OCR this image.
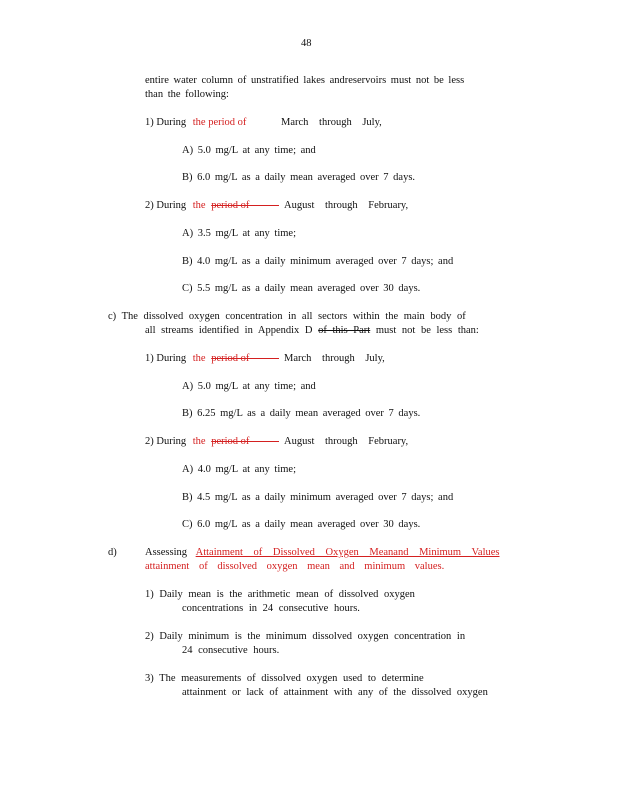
48
entire water column of unstratified lakes andreservoirs must not be less
than the following:
1) During the period of	March through July,
A) 5.0 mg/L at any time; and
B) 6.0 mg/L as a daily mean averaged over 7 days.
2) During the period of	August through February,
A) 3.5 mg/L at any time;
B) 4.0 mg/L as a daily minimum averaged over 7 days; and
C) 5.5 mg/L as a daily mean averaged over 30 days.
c) The dissolved oxygen concentration in all sectors within the main body of
all streams identified in Appendix D of this Part must not be less than:
1) During the period of	March through July,
A) 5.0 mg/L at any time; and
B) 6.25 mg/L as a daily mean averaged over 7 days.
2) During the period of	August through February,
A) 4.0 mg/L at any time;
B) 4.5 mg/L as a daily minimum averaged over 7 days; and
C) 6.0 mg/L as a daily mean averaged over 30 days.
d)	Assessing Attainment of Dissolved Oxygen Meanand Minimum Values
attainment of dissolved oxygen mean and minimum values.
1) Daily mean is the arithmetic mean of dissolved oxygen
concentrations in 24 consecutive hours.
2) Daily minimum is the minimum dissolved oxygen concentration in
24 consecutive hours.
3) The measurements of dissolved oxygen used to determine
attainment or lack of attainment with any of the dissolved oxygen
